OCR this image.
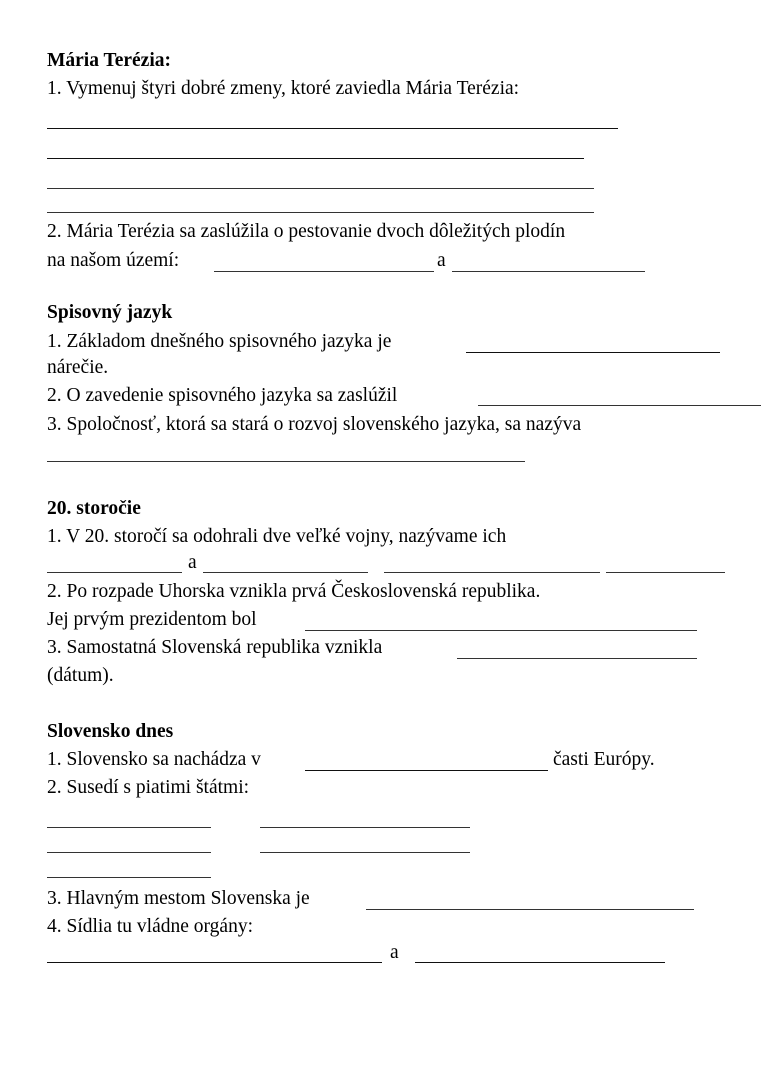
Mária Terézia:
1. Vymenuj štyri dobré zmeny, ktoré zaviedla Mária Terézia:
2. Mária Terézia sa zaslúžila o pestovanie dvoch dôležitých plodín
na našom území:	a
Spisovný jazyk
1. Základom dnešného spisovného jazyka je
nárečie.
2. O zavedenie spisovného jazyka sa zaslúžil
3. Spoločnosť, ktorá sa stará o rozvoj slovenského jazyka, sa nazýva
20. storočie
1. V 20. storočí sa odohrali dve veľké vojny, nazývame ich
a
2. Po rozpade Uhorska vznikla prvá Československá republika.
Jej prvým prezidentom bol
3. Samostatná Slovenská republika vznikla
(dátum).
Slovensko dnes
1. Slovensko sa nachádza v	časti Európy.
2. Susedí s piatimi štátmi:
3. Hlavným mestom Slovenska je
4. Sídlia tu vládne orgány:
a
